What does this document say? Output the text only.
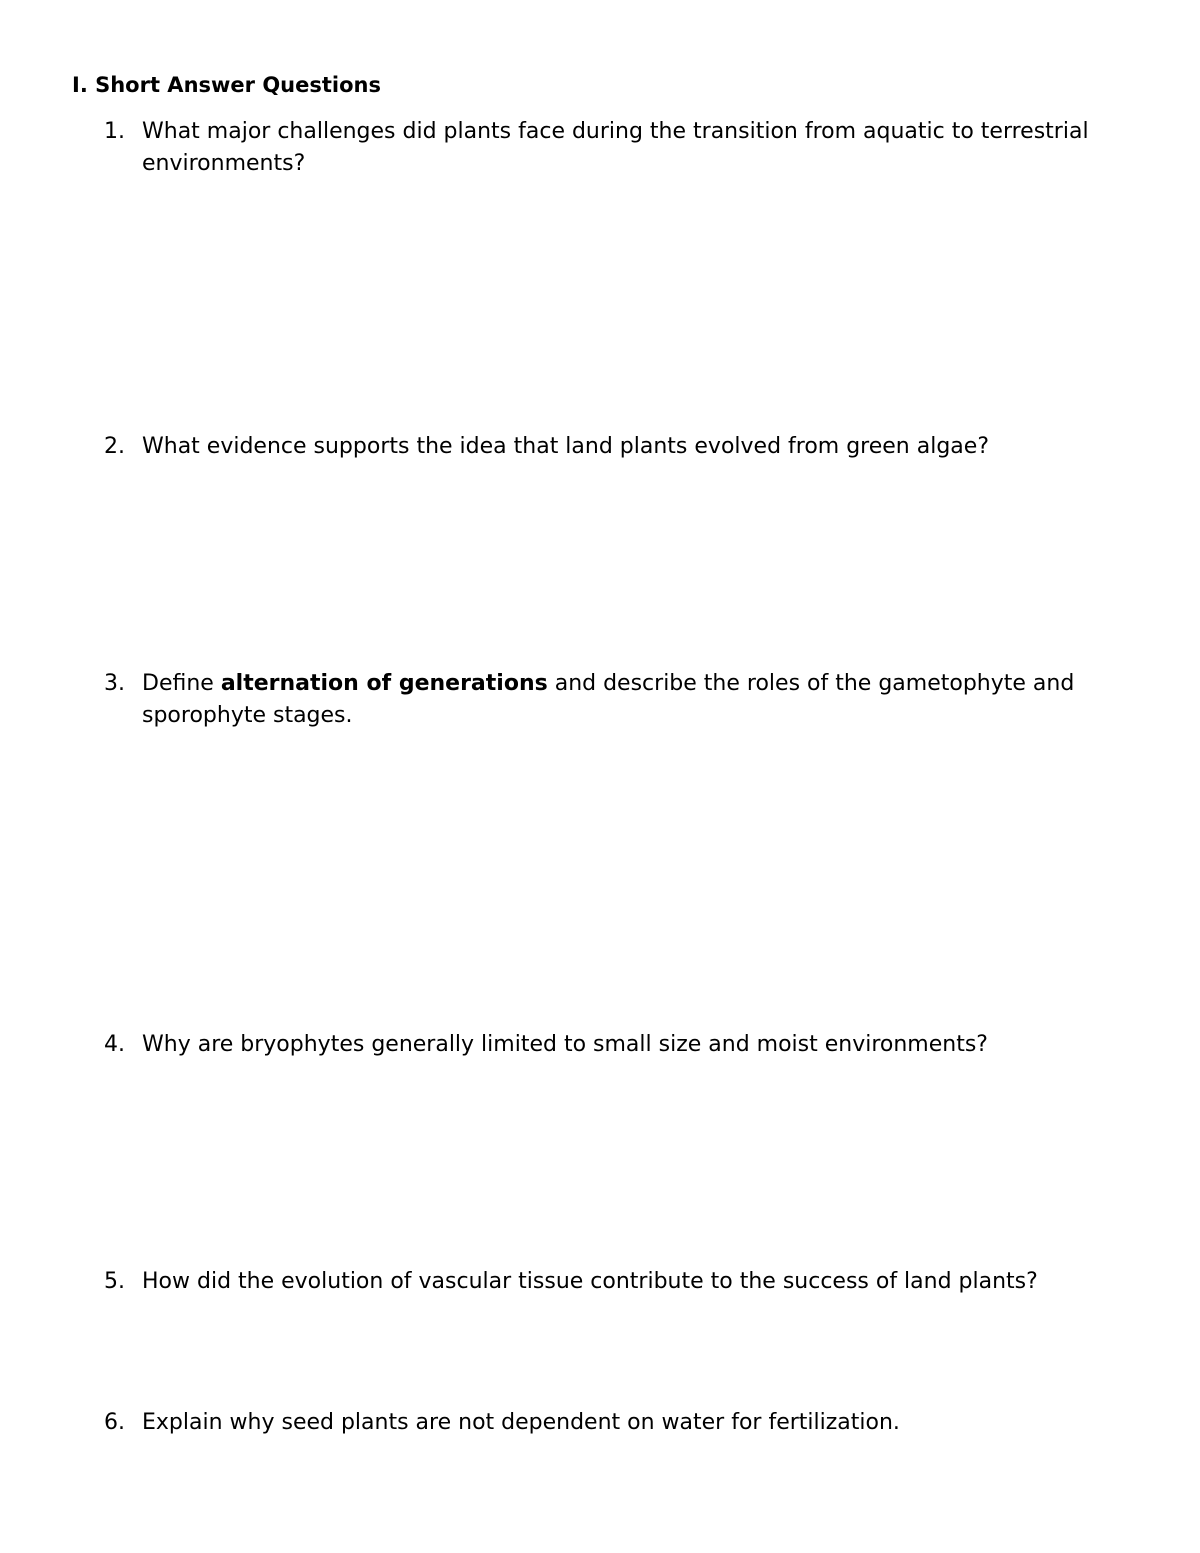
I. Short Answer Questions
1. What major challenges did plants face during the transition from aquatic to terrestrial environments?
2. What evidence supports the idea that land plants evolved from green algae?
3. Define alternation of generations and describe the roles of the gametophyte and sporophyte stages.
4. Why are bryophytes generally limited to small size and moist environments?
5. How did the evolution of vascular tissue contribute to the success of land plants?
6. Explain why seed plants are not dependent on water for fertilization.
